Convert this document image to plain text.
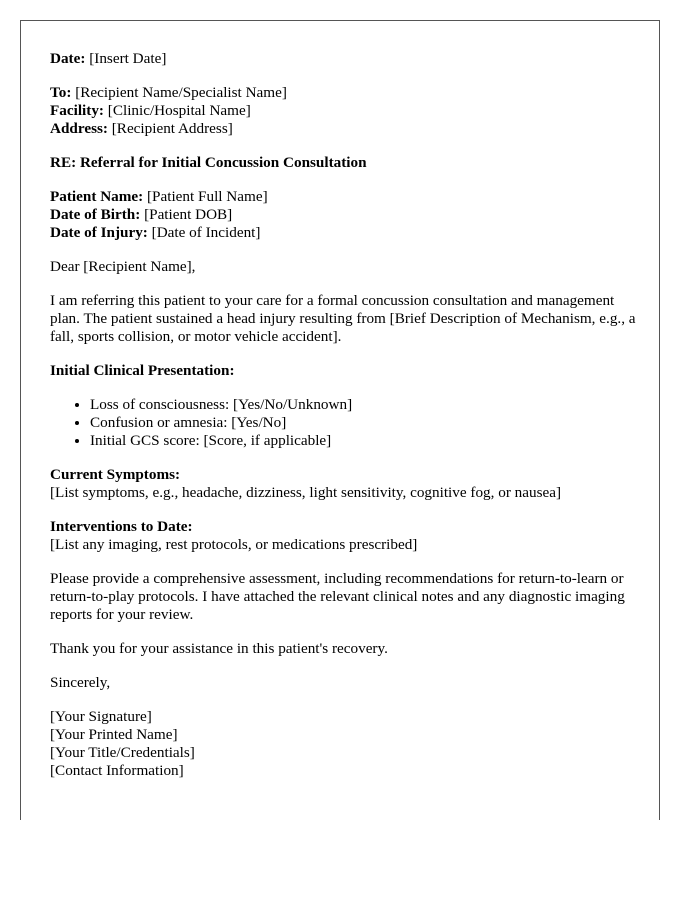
Date: [Insert Date]
To: [Recipient Name/Specialist Name]
Facility: [Clinic/Hospital Name]
Address: [Recipient Address]
RE: Referral for Initial Concussion Consultation
Patient Name: [Patient Full Name]
Date of Birth: [Patient DOB]
Date of Injury: [Date of Incident]

Dear [Recipient Name],

I am referring this patient to your care for a formal concussion consultation and management plan. The patient sustained a head injury resulting from [Brief Description of Mechanism, e.g., a fall, sports collision, or motor vehicle accident].

Initial Clinical Presentation:
• Loss of consciousness: [Yes/No/Unknown]
• Confusion or amnesia: [Yes/No]
• Initial GCS score: [Score, if applicable]
Current Symptoms:
[List symptoms, e.g., headache, dizziness, light sensitivity, cognitive fog, or nausea]
Interventions to Date:
[List any imaging, rest protocols, or medications prescribed]

Please provide a comprehensive assessment, including recommendations for return-to-learn or return-to-play protocols. I have attached the relevant clinical notes and any diagnostic imaging reports for your review.

Thank you for your assistance in this patient's recovery.

Sincerely,

[Your Signature]
[Your Printed Name]
[Your Title/Credentials]
[Contact Information]
